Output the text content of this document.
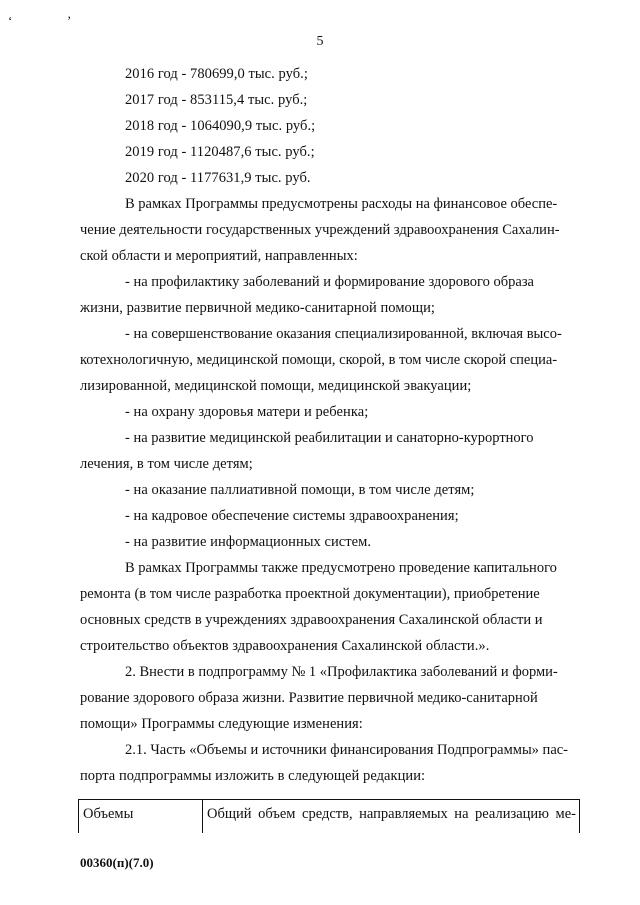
‘	’
5
2016 год - 780699,0 тыс. руб.;
2017 год - 853115,4 тыс. руб.;
2018 год - 1064090,9 тыс. руб.;
2019 год - 1120487,6 тыс. руб.;
2020 год - 1177631,9 тыс. руб.
В рамках Программы предусмотрены расходы на финансовое обеспе-
чение деятельности государственных учреждений здравоохранения Сахалин-
ской области и мероприятий, направленных:
- на профилактику заболеваний и формирование здорового образа
жизни, развитие первичной медико-санитарной помощи;
- на совершенствование оказания специализированной, включая высо-
котехнологичную, медицинской помощи, скорой, в том числе скорой специа-
лизированной, медицинской помощи, медицинской эвакуации;
- на охрану здоровья матери и ребенка;
- на развитие медицинской реабилитации и санаторно-курортного
лечения, в том числе детям;
- на оказание паллиативной помощи, в том числе детям;
- на кадровое обеспечение системы здравоохранения;
- на развитие информационных систем.
В рамках Программы также предусмотрено проведение капитального
ремонта (в том числе разработка проектной документации), приобретение
основных средств в учреждениях здравоохранения Сахалинской области и
строительство объектов здравоохранения Сахалинской области.».
2. Внести в подпрограмму № 1 «Профилактика заболеваний и форми-
рование здорового образа жизни. Развитие первичной медико-санитарной
помощи» Программы следующие изменения:
2.1. Часть «Объемы и источники финансирования Подпрограммы» пас-
порта подпрограммы изложить в следующей редакции:
Объемы	Общий объем средств, направляемых на реализацию ме-
00360(п)(7.0)
